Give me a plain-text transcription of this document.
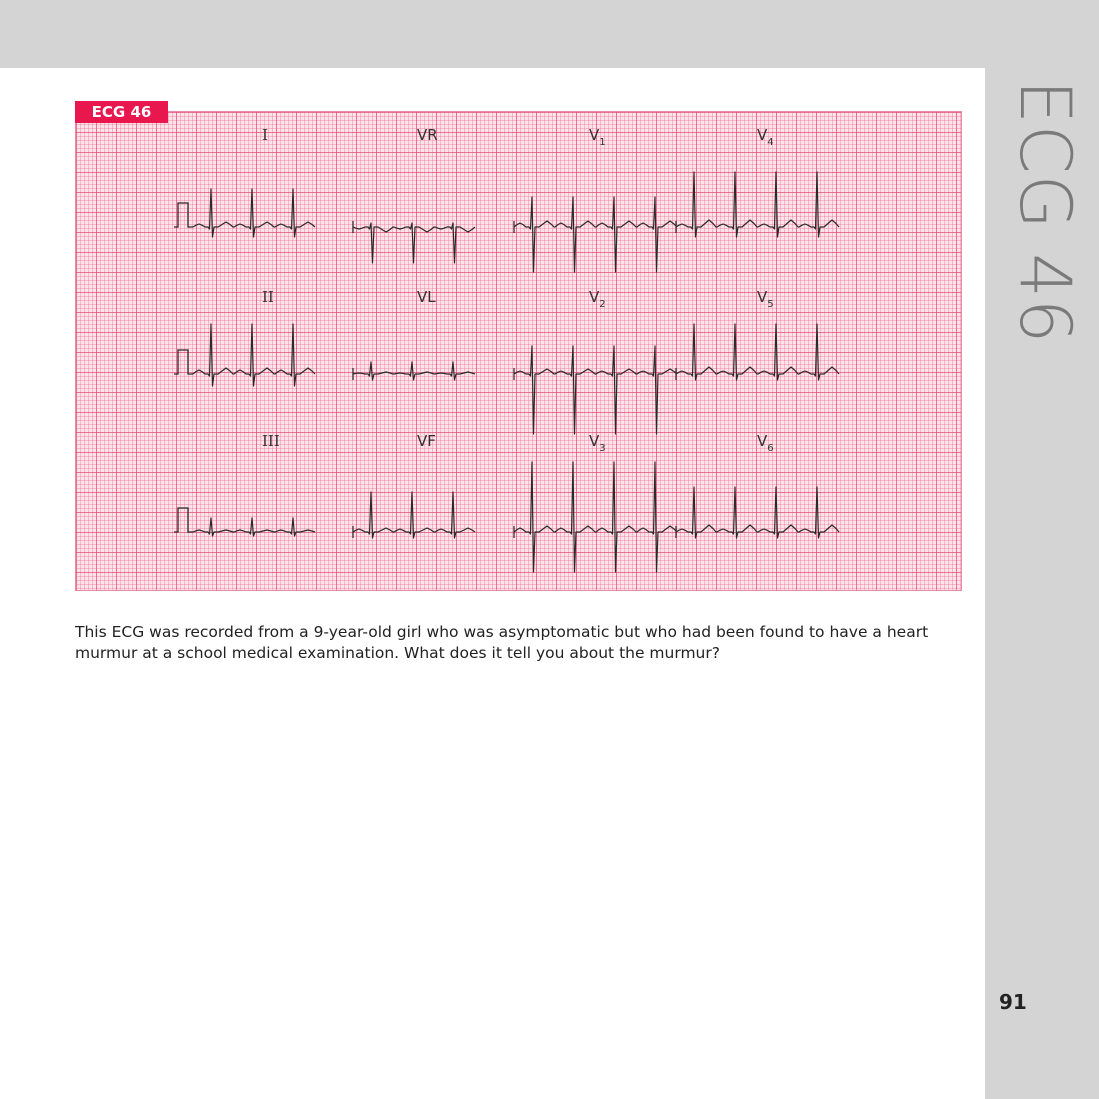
ECG 46
91
I	VR	$V_1$	$V_4$
II	VL	$V_2$	$V_5$
III	VF	$V_3$	$V_6$
ECG 46
This ECG was recorded from a 9-year-old girl who was asymptomatic but who had been found to have a heart murmur at a school medical examination. What does it tell you about the murmur?
